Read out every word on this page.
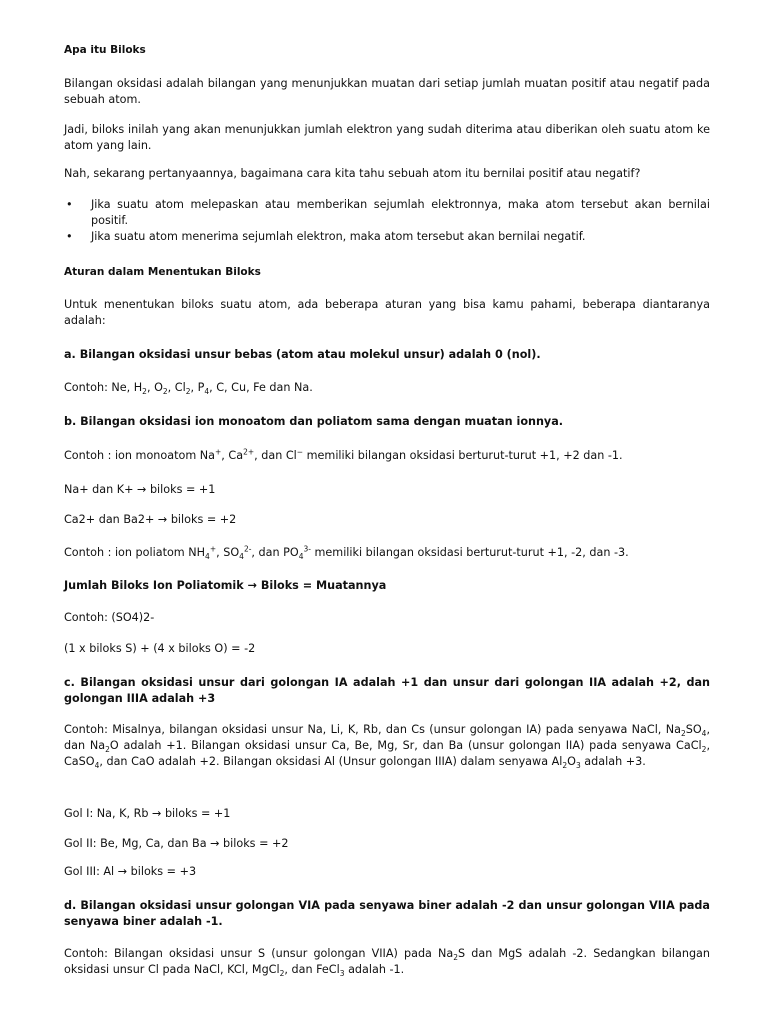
Apa itu Biloks

Bilangan oksidasi adalah bilangan yang menunjukkan muatan dari setiap jumlah muatan positif atau negatif pada sebuah atom.

Jadi, biloks inilah yang akan menunjukkan jumlah elektron yang sudah diterima atau diberikan oleh suatu atom ke atom yang lain.

Nah, sekarang pertanyaannya, bagaimana cara kita tahu sebuah atom itu bernilai positif atau negatif?

• Jika suatu atom melepaskan atau memberikan sejumlah elektronnya, maka atom tersebut akan bernilai positif.
• Jika suatu atom menerima sejumlah elektron, maka atom tersebut akan bernilai negatif.

Aturan dalam Menentukan Biloks

Untuk menentukan biloks suatu atom, ada beberapa aturan yang bisa kamu pahami, beberapa diantaranya adalah:

a. Bilangan oksidasi unsur bebas (atom atau molekul unsur) adalah 0 (nol).

Contoh: Ne, $H_2$, $O_2$, $Cl_2$, $P_4$, C, Cu, Fe dan Na.

b. Bilangan oksidasi ion monoatom dan poliatom sama dengan muatan ionnya.

Contoh : ion monoatom Na+, $Ca^{2+}$, dan Cl− memiliki bilangan oksidasi berturut-turut +1, +2 dan -1.

Na+ dan K+ → biloks = +1

Ca2+ dan Ba2+ → biloks = +2

Contoh : ion poliatom $NH_4^+$, $SO_4^{2-}$, dan $PO_4^{3-}$ memiliki bilangan oksidasi berturut-turut +1, -2, dan -3.

Jumlah Biloks Ion Poliatomik → Biloks = Muatannya

Contoh: (SO4)2-

(1 x biloks S) + (4 x biloks O) = -2

c. Bilangan oksidasi unsur dari golongan IA adalah +1 dan unsur dari golongan IIA adalah +2, dan golongan IIIA adalah +3

Contoh: Misalnya, bilangan oksidasi unsur Na, Li, K, Rb, dan Cs (unsur golongan IA) pada senyawa NaCl, $Na_2SO_4$, dan $Na_2O$ adalah +1. Bilangan oksidasi unsur Ca, Be, Mg, Sr, dan Ba (unsur golongan IIA) pada senyawa CaCl$_2$, CaSO$_4$, dan CaO adalah +2. Bilangan oksidasi Al (Unsur golongan IIIA) dalam senyawa $Al_2O_3$ adalah +3.

Gol I: Na, K, Rb → biloks = +1

Gol II: Be, Mg, Ca, dan Ba → biloks = +2

Gol III: Al → biloks = +3

d. Bilangan oksidasi unsur golongan VIA pada senyawa biner adalah -2 dan unsur golongan VIIA pada senyawa biner adalah -1.

Contoh: Bilangan oksidasi unsur S (unsur golongan VIIA) pada $Na_2S$ dan MgS adalah -2. Sedangkan bilangan oksidasi unsur Cl pada NaCl, KCl, MgCl$_2$, dan FeCl$_3$ adalah -1.
